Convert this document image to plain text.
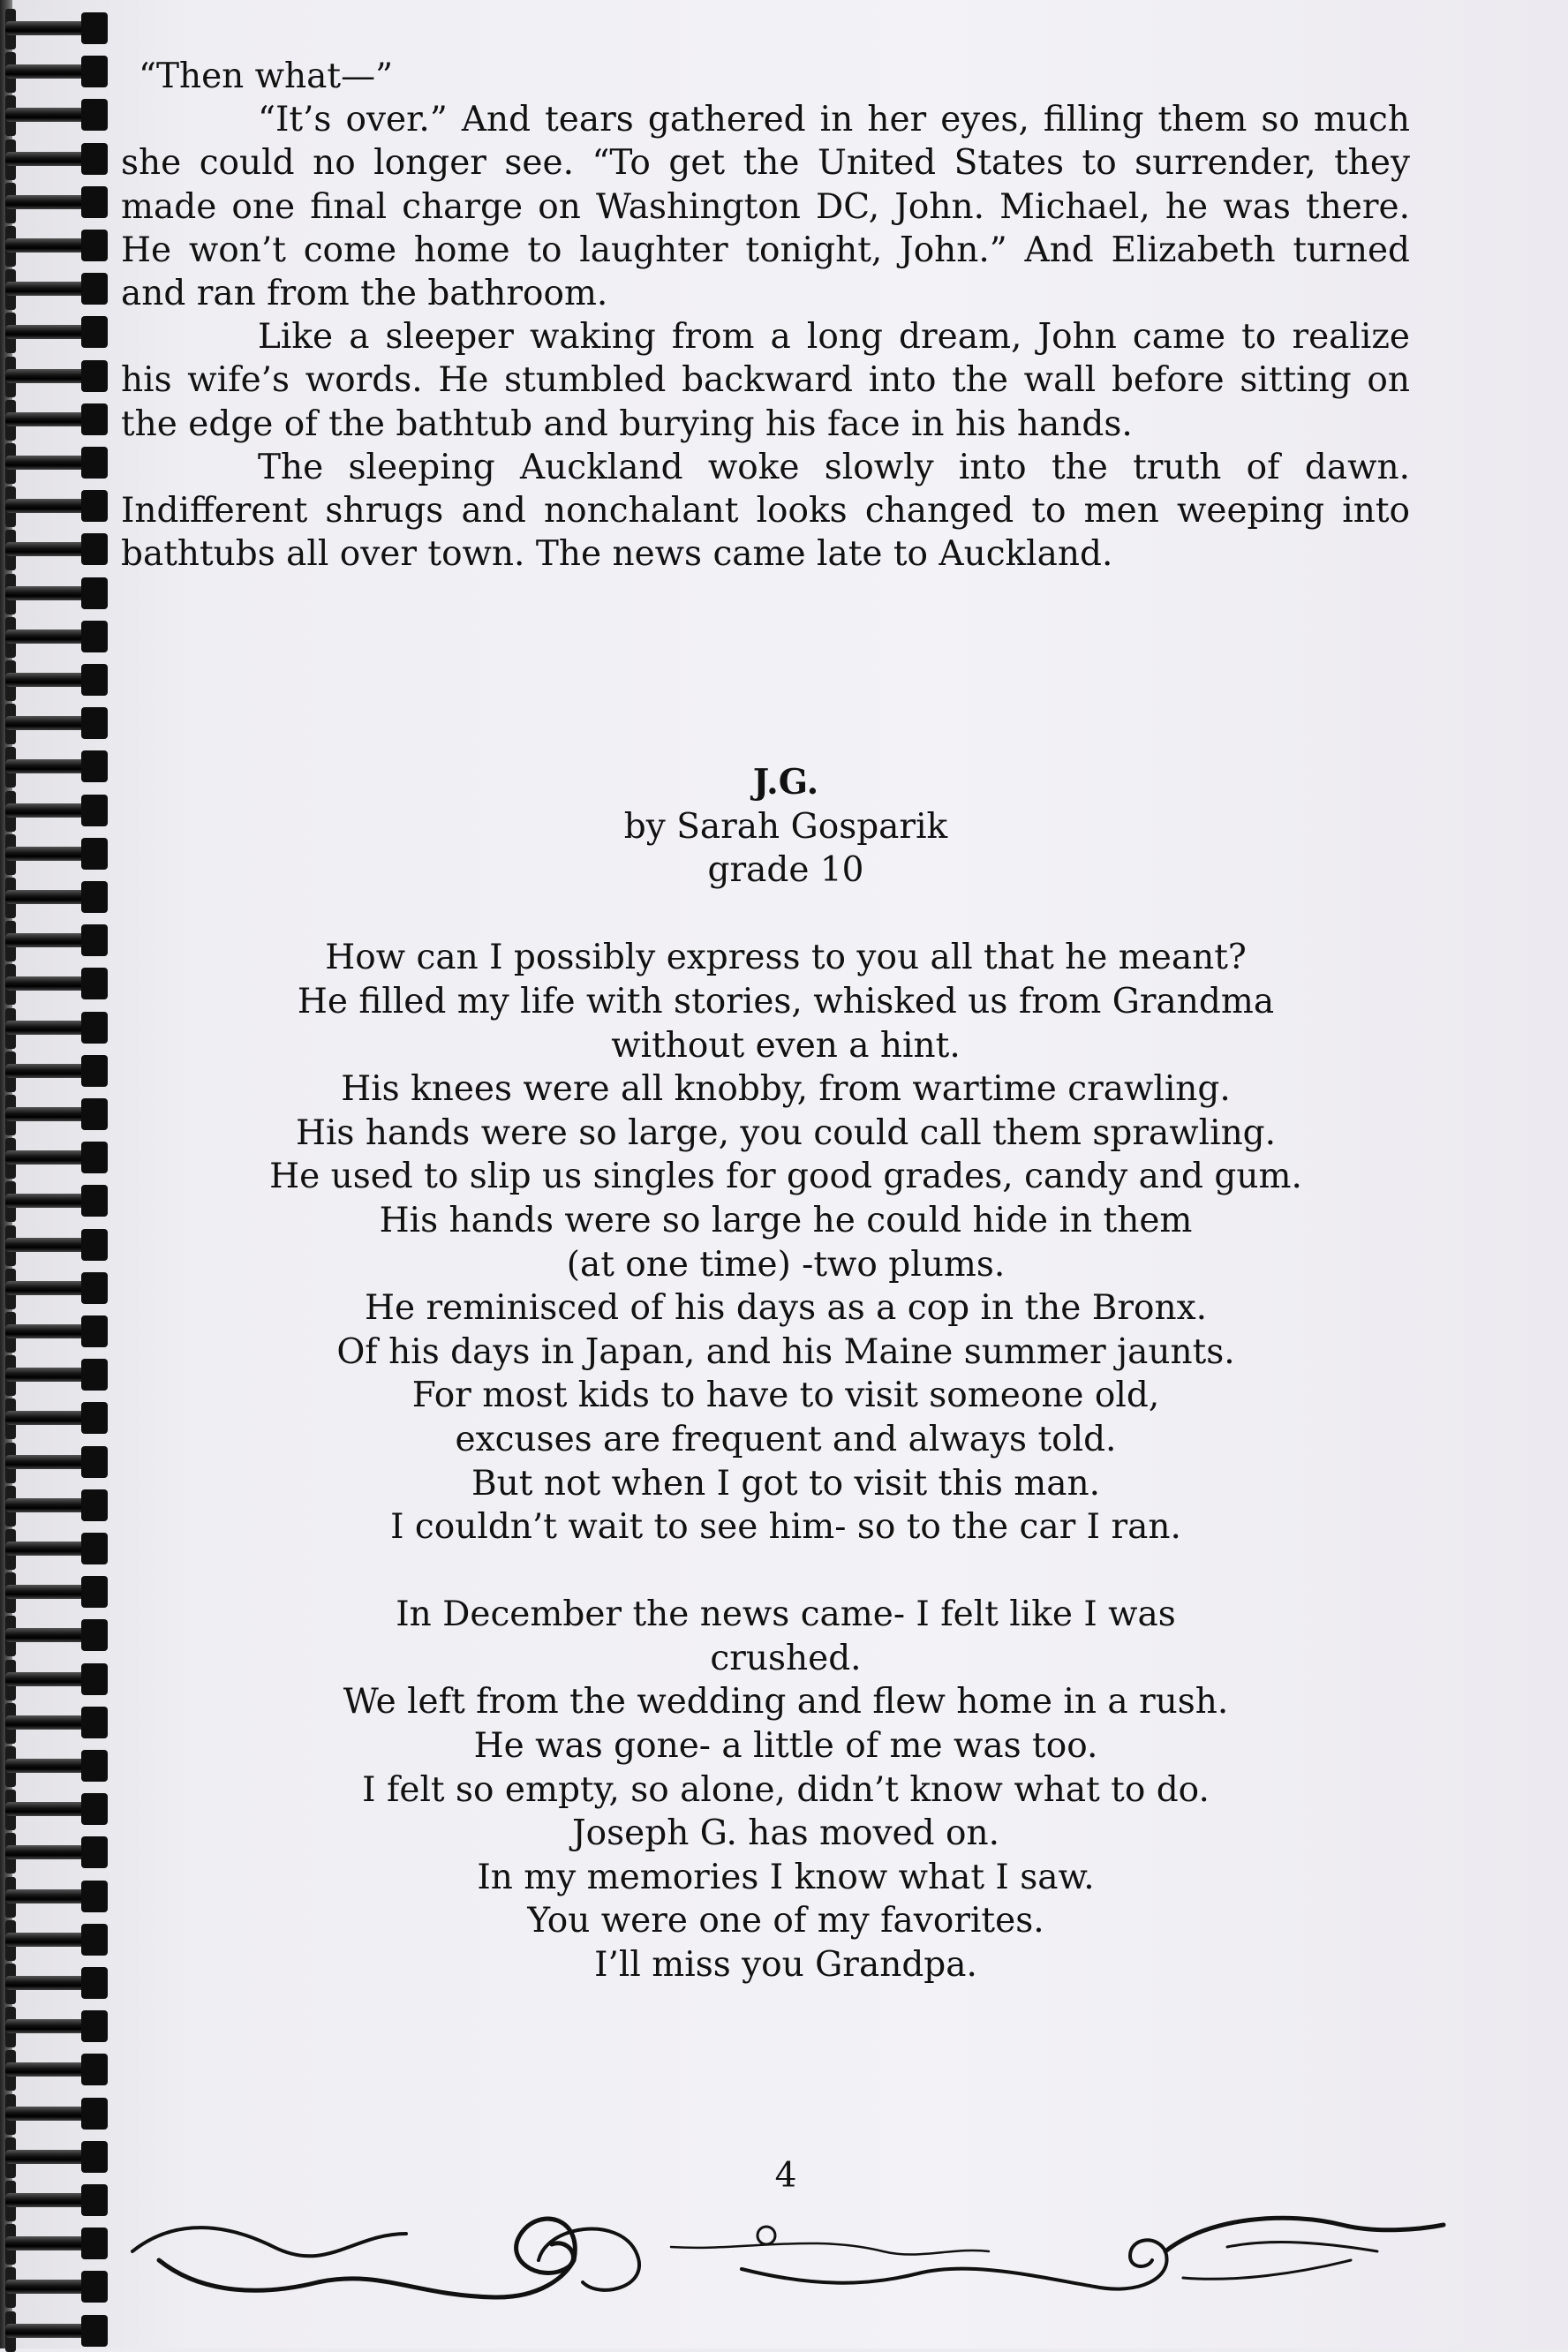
“Then what—”

“It’s over.” And tears gathered in her eyes, filling them so much she could no longer see. “To get the United States to surrender, they made one final charge on Washington DC, John. Michael, he was there. He won’t come home to laughter tonight, John.” And Elizabeth turned and ran from the bathroom.

Like a sleeper waking from a long dream, John came to realize his wife’s words. He stumbled backward into the wall before sitting on the edge of the bathtub and burying his face in his hands.

The sleeping Auckland woke slowly into the truth of dawn. Indifferent shrugs and nonchalant looks changed to men weeping into bathtubs all over town. The news came late to Auckland.

J.G.
by Sarah Gosparik
grade 10
How can I possibly express to you all that he meant?
He filled my life with stories, whisked us from Grandma
without even a hint.
His knees were all knobby, from wartime crawling.
His hands were so large, you could call them sprawling.
He used to slip us singles for good grades, candy and gum.
His hands were so large he could hide in them
(at one time) -two plums.
He reminisced of his days as a cop in the Bronx.
Of his days in Japan, and his Maine summer jaunts.
For most kids to have to visit someone old,
excuses are frequent and always told.
But not when I got to visit this man.
I couldn’t wait to see him- so to the car I ran.
In December the news came- I felt like I was
crushed.
We left from the wedding and flew home in a rush.
He was gone- a little of me was too.
I felt so empty, so alone, didn’t know what to do.
Joseph G. has moved on.
In my memories I know what I saw.
You were one of my favorites.
I’ll miss you Grandpa.
4
